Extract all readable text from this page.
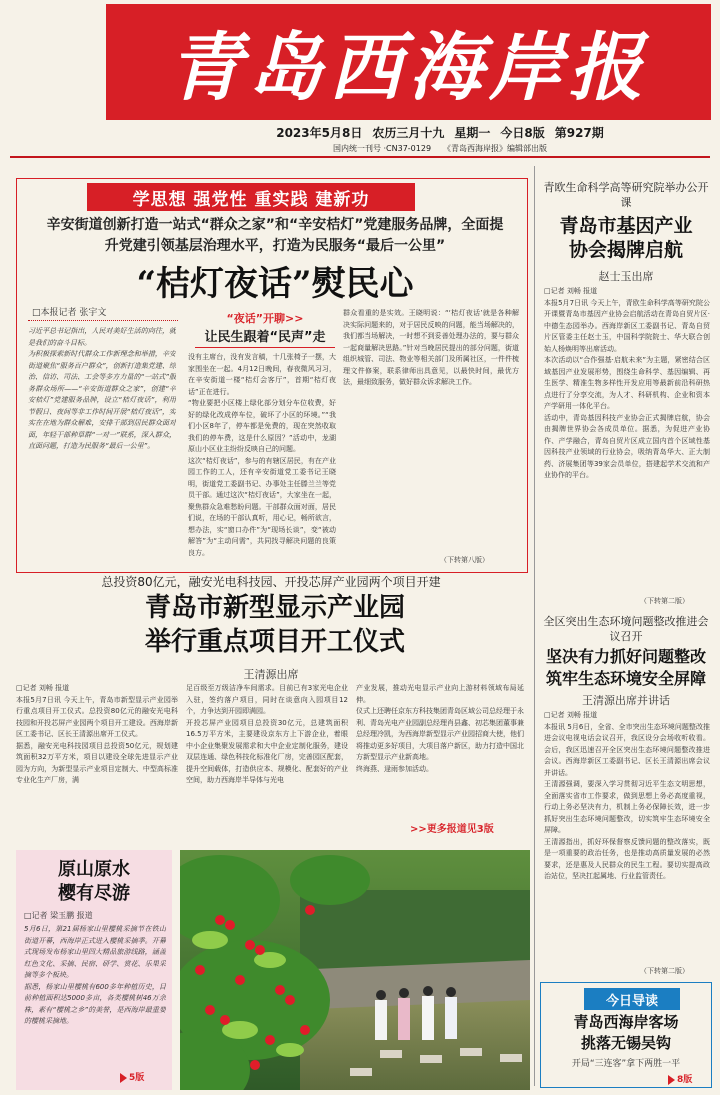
青岛西海岸报
2023年5月8日 农历三月十九 星期一 今日8版 第927期
国内统一刊号 ·CN37-0129 《青岛西海岸报》编辑部出版
学思想 强党性 重实践 建新功
辛安街道创新打造一站式“群众之家”和“辛安桔灯”党建服务品牌，全面提升党建引领基层治理水平，打造为民服务“最后一公里”
“桔灯夜话”熨民心
□本报记者 张宇文
习近平总书记指出，人民对美好生活的向往，就是我们的奋斗目标。
为积极探索新时代群众工作新理念和举措，辛安街道聚焦“服务百户群众”，创新打造集党建、综治、信访、司法、工会等多方力量的“一站式”服务群众场所——“辛安街道群众之家”，创建“辛安桔灯”党建服务品牌，设立“桔灯夜话”，利用节假日、夜间等非工作时间开展“桔灯夜话”，实实在在地为群众解难，安排干部到居民群众面对面，年轻干部种草群“一对一”联系，深入群众，直面问题，打造为民服务“最后一公里”。
“夜话”开聊>>
让民生跟着“民声”走
没有主席台，没有发言稿，十几张椅子一摆，大家围坐在一起。4月12日晚间，春夜微风习习，在辛安街道一楼“桔灯会客厅”，首期“桔灯夜话”正在进行。
“物业要把小区楼上绿化部分划分车位收费，好好的绿化改成停车位，破坏了小区的环境。”“我们小区8年了，停车都是免费的，现在突然收取我们的停车费，这是什么原因？”活动中，龙湖原山小区业主纷纷反映自己的问题。
这次“桔灯夜话”，参与的有辖区居民，有在产业园工作的工人，还有辛安街道党工委书记王晓明，街道党工委副书记、办事处主任滕兰兰等党员干部。通过这次“桔灯夜话”，大家坐在一起，聚焦群众急难愁盼问题。干部群众面对面，居民们说，在场的干部认真听，用心记，畅所欲言，想办法，实“窗口办件”为“现场长谈”，变“被动解答”为“主动问需”，共同找寻解决问题的良策良方。
群众看重的是实效。王晓明说：“‘桔灯夜话’就是各种解决实际问题来的，对于居民反映的问题，能当场解决的，我们都当场解决，一时想不到妥善处理办法的，要与群众一起商量解决思路。”针对当晚居民提出的部分问题，街道组织城管、司法、物业等相关部门及所属社区，一件件梳理文件修案，联系律师出具意见，以最快时间，最优方法，最细致服务，做好群众诉求解决工作。
（下转第八版）
总投资80亿元，融安光电科技园、开投芯屏产业园两个项目开建
青岛市新型显示产业园
举行重点项目开工仪式
王清源出席
□记者 刘畅 报道
本报5月7日讯 今天上午，青岛市新型显示产业园举行重点项目开工仪式。总投资80亿元的融安光电科技园和开投芯屏产业园两个项目开工建设。西海岸新区工委书记、区长王清源出席开工仪式。
据悉，融安光电科技园项目总投资50亿元，规划建筑面积32万平方米，项目以建设全球先进显示产业园为方向，为新型显示产业项目定制大、中型高标准专业化生产厂房，满
足百级至万级洁净车间需求。目前已有3家光电企业入驻，签约落户项目，同时在谈意向入园项目12个，力争达到开园即满园。
开投芯屏产业园项目总投资30亿元，总建筑面积16.5万平方米，主要建设京东方上下游企业，着眼中小企业集聚发展需求和大中企业定制化服务，建设双层连通、绿色科技化标准化厂房，完善园区配套，提升空间载体，打造供应本、规模化、配套好的产业空间，助力西海岸半导体与光电
产业发展，推动光电显示产业向上游材料领域布局延伸。
仪式上还聘任京东方科技集团青岛区域公司总经理于永利、青岛光电产业园副总经理肖县鑫、初芯集团董事兼总经理冷凯，为西海岸新型显示产业园招商大使，他们将推动更多好项目，大项目落户新区，助力打造中国北方新型显示产业新高地。
终海燕、逯雨参加活动。
>>更多报道见3版
原山原水
樱有尽游
□记者 梁玉鹏 报道
5月6日，第21届杨家山里樱桃采摘节在铁山街道开幕，西海岸正式进入樱桃采摘季。开幕式现场发布杨家山里四大精品旅游线路，涵盖红色文化、采摘、民宿、研学、赏花、乐果采摘等多个板块。
据悉，杨家山里樱桃有600多年种植历史，目前种植面积达5000多亩，各类樱桃树46万余株，素有“樱桃之乡”的美誉，是西海岸最重要的樱桃采摘地。
5版
青欧生命科学高等研究院举办公开课
青岛市基因产业
协会揭牌启航
赵士玉出席
□记者 刘畅 报道
本报5月7日讯 今天上午，青欧生命科学高等研究院公开课暨青岛市基因产业协会启航活动在青岛自贸片区·中德生态园举办。西海岸新区工委副书记、青岛自贸片区管委主任赵士玉，中国科学院院士、华大联合创始人杨焕明等出席活动。
本次活动以“合作强基·启航未来”为主题，紧密结合区域基因产业发展形势，围绕生命科学、基因编辑、再生医学、精准生物多样性开发应用等最新前沿科研热点进行了分享交流，为人才、科研机构、企业和资本产学研用一体化平台。
活动中，青岛基因科技产业协会正式揭牌启航，协会由揭牌世界协会各成员单位。据悉，为促进产业协作、产学融合，青岛自贸片区成立国内首个区域性基因科技产业领域的行业协会，吸纳青岛华大、正大制药、济展集团等39家会员单位，搭建起学术交流和产业协作的平台。
（下转第二版）
全区突出生态环境问题整改推进会议召开
坚决有力抓好问题整改
筑牢生态环境安全屏障
王清源出席并讲话
□记者 刘畅 报道
本报讯 5月6日，全省、全市突出生态环境问题整改推进会议电视电话会议召开，我区设分会场收听收看。会后，我区迅速召开全区突出生态环境问题整改推进会议。西海岸新区工委副书记、区长王清源出席会议并讲话。
王清源强调，要深入学习贯彻习近平生态文明思想，全面落实省市工作要求，做到思想上务必高度重视，行动上务必坚决有力，机制上务必保障长效，进一步抓好突出生态环境问题整改，切实筑牢生态环境安全屏障。
王清源指出，抓好环保督察反馈问题的整改落实，既是一项重要的政治任务，也是推动高质量发展的必然要求，还是惠及人民群众的民生工程。要切实提高政治站位，坚决扛起属地、行业监管责任。
（下转第二版）
今日导读
青岛西海岸客场
挑落无锡吴钩
开局“三连客”拿下两胜一平
8版
